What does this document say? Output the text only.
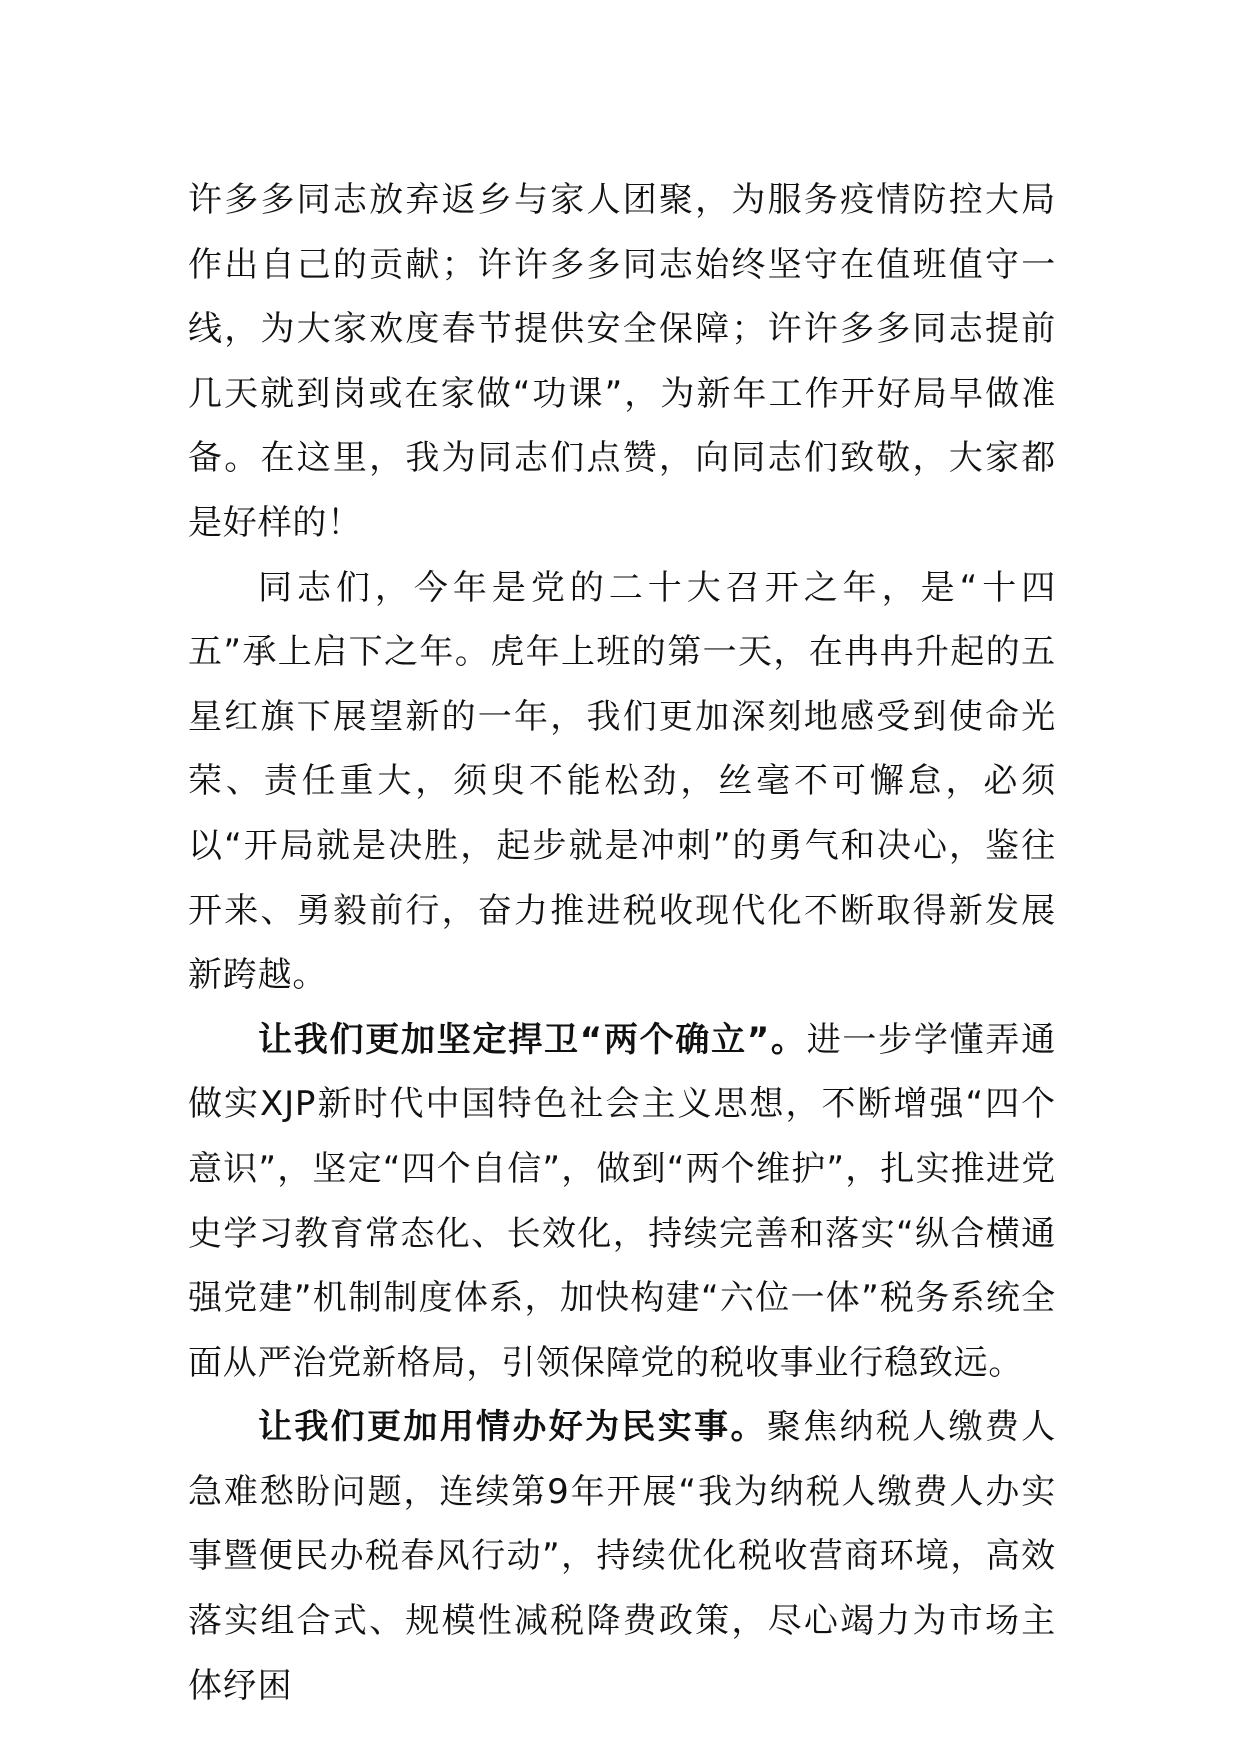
许多多同志放弃返乡与家人团聚，为服务疫情防控大局作出自己的贡献；许许多多同志始终坚守在值班值守一线，为大家欢度春节提供安全保障；许许多多同志提前几天就到岗或在家做“功课”，为新年工作开好局早做准备。在这里，我为同志们点赞，向同志们致敬，大家都是好样的！

同志们，今年是党的二十大召开之年，是“十四五”承上启下之年。虎年上班的第一天，在冉冉升起的五星红旗下展望新的一年，我们更加深刻地感受到使命光荣、责任重大，须臾不能松劲，丝毫不可懈怠，必须以“开局就是决胜，起步就是冲刺”的勇气和决心，鉴往开来、勇毅前行，奋力推进税收现代化不断取得新发展新跨越。

让我们更加坚定捍卫“两个确立”。进一步学懂弄通做实XJP新时代中国特色社会主义思想，不断增强“四个意识”，坚定“四个自信”，做到“两个维护”，扎实推进党史学习教育常态化、长效化，持续完善和落实“纵合横通强党建”机制制度体系，加快构建“六位一体”税务系统全面从严治党新格局，引领保障党的税收事业行稳致远。

让我们更加用情办好为民实事。聚焦纳税人缴费人急难愁盼问题，连续第9年开展“我为纳税人缴费人办实事暨便民办税春风行动”，持续优化税收营商环境，高效落实组合式、规模性减税降费政策，尽心竭力为市场主体纾困
